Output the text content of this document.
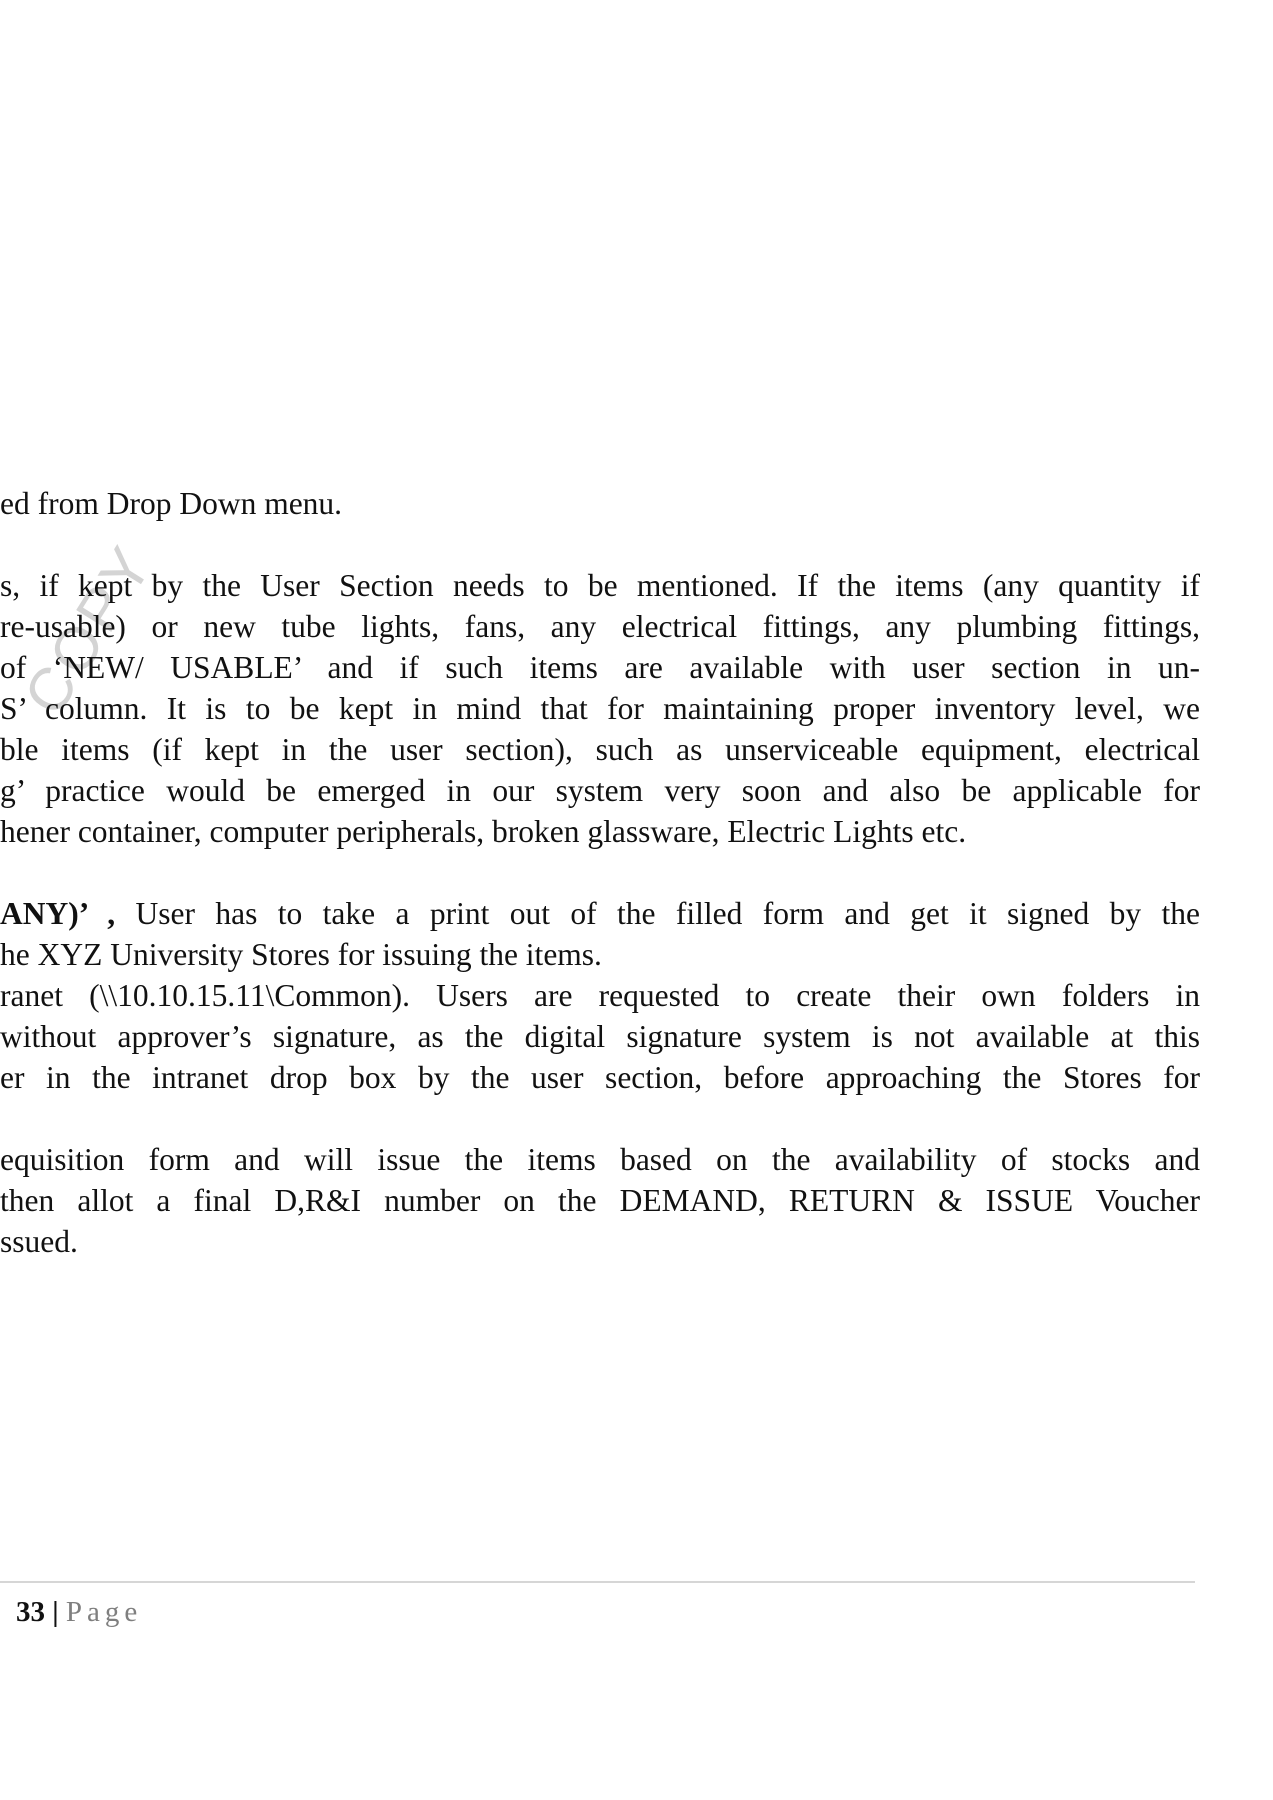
COPY
ed from Drop Down menu.
s, if kept by the User Section needs to be mentioned. If the items (any quantity if
re-usable) or new tube lights, fans, any electrical fittings, any plumbing fittings,
of ‘NEW/ USABLE’ and if such items are available with user section in un-
S’ column. It is to be kept in mind that for maintaining proper inventory level, we
ble items (if kept in the user section), such as unserviceable equipment, electrical
g’ practice would be emerged in our system very soon and also be applicable for
hener container, computer peripherals, broken glassware, Electric Lights etc.
ANY)’ , User has to take a print out of the filled form and get it signed by the
he XYZ University Stores for issuing the items.
ranet (\\10.10.15.11\Common). Users are requested to create their own folders in
without approver’s signature, as the digital signature system is not available at this
er in the intranet drop box by the user section, before approaching the Stores for
equisition form and will issue the items based on the availability of stocks and
then allot a final D,R&I number on the DEMAND, RETURN & ISSUE Voucher
ssued.
33 | Page
